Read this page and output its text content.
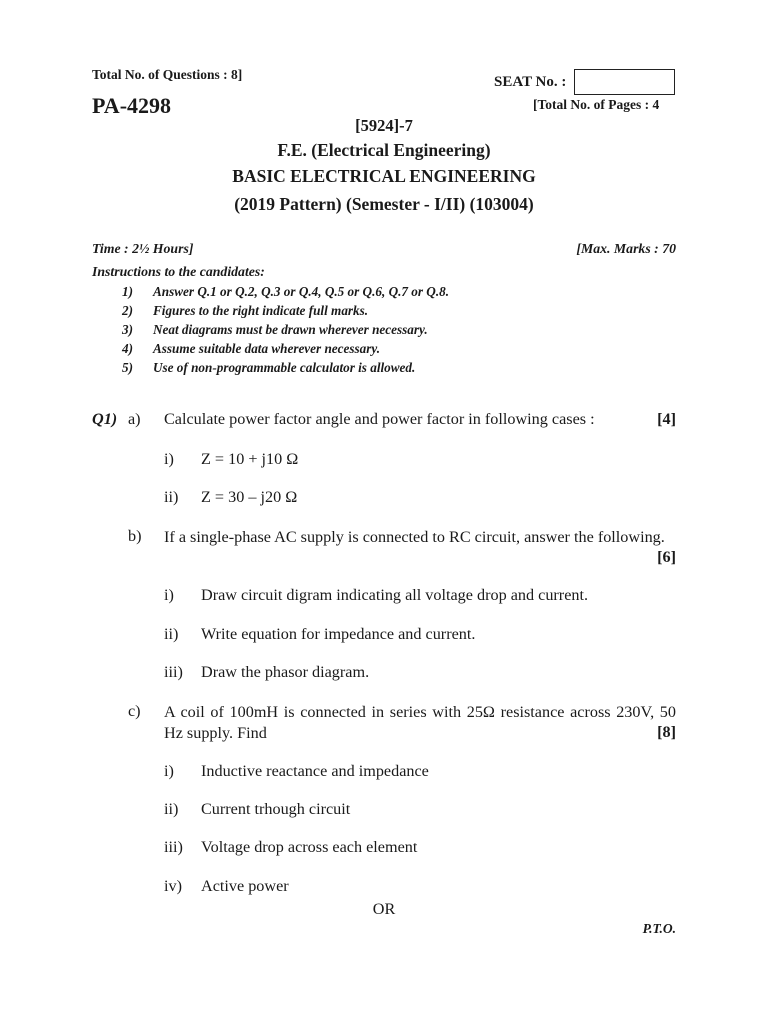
Total No. of Questions : 8]	SEAT No. :
PA-4298	[Total No. of Pages : 4
[5924]-7
F.E. (Electrical Engineering)
BASIC ELECTRICAL ENGINEERING
(2019 Pattern) (Semester - I/II) (103004)
Time : 2½ Hours]	[Max. Marks : 70
Instructions to the candidates:
1) Answer Q.1 or Q.2, Q.3 or Q.4, Q.5 or Q.6, Q.7 or Q.8.
2) Figures to the right indicate full marks.
3) Neat diagrams must be drawn wherever necessary.
4) Assume suitable data wherever necessary.
5) Use of non-programmable calculator is allowed.
Q1) a) Calculate power factor angle and power factor in following cases :	[4]
i) Z = 10 + j10 Ω
ii) Z = 30 – j20 Ω
b) If a single-phase AC supply is connected to RC circuit, answer the following.
[6]
i) Draw circuit digram indicating all voltage drop and current.
ii) Write equation for impedance and current.
iii) Draw the phasor diagram.
c) A coil of 100mH is connected in series with 25Ω resistance across 230V, 50 Hz supply. Find	[8]
i) Inductive reactance and impedance
ii) Current trhough circuit
iii) Voltage drop across each element
iv) Active power
OR
P.T.O.
